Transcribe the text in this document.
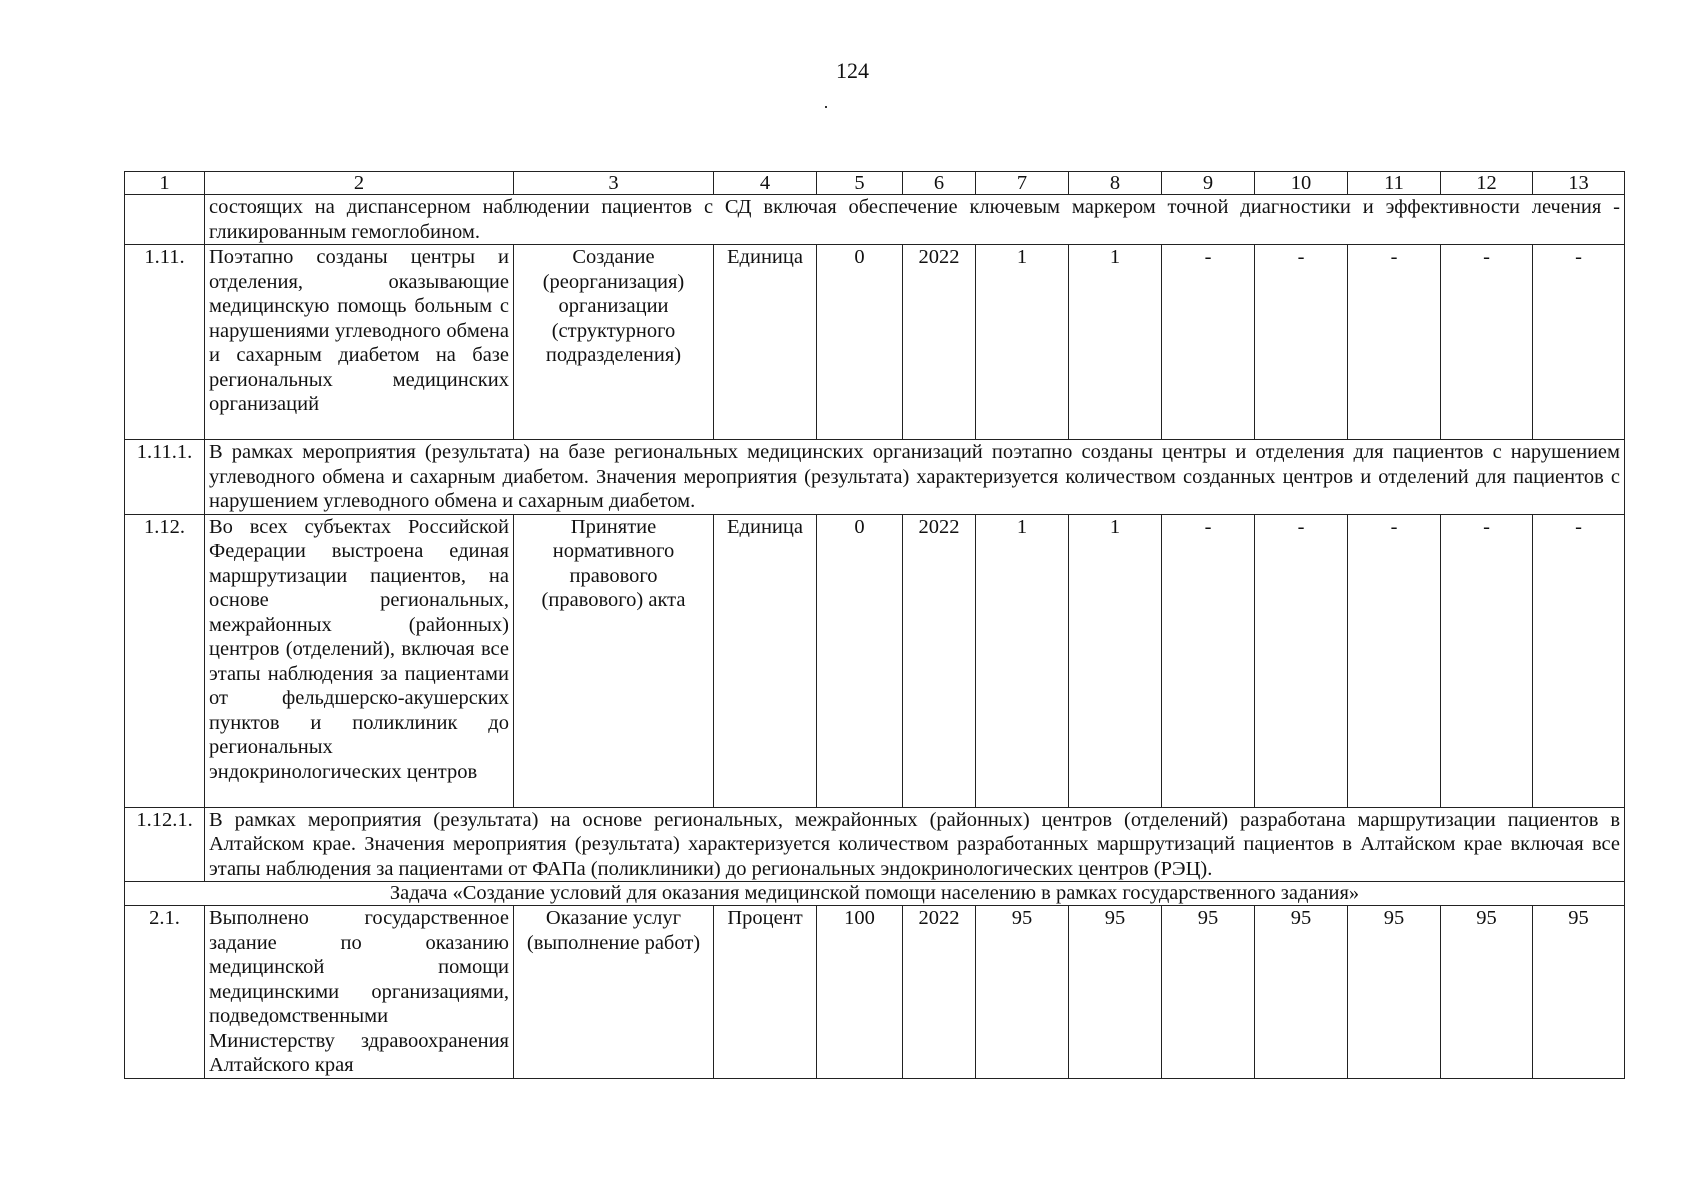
124
1	2	3	4	5	6	7	8	9	10	11	12	13
	состоящих на диспансерном наблюдении пациентов с СД включая обеспечение ключевым маркером точной диагностики и эффективности лечения - гликированным гемоглобином.											
1.11.	Поэтапно созданы центры и отделения, оказывающие медицинскую помощь больным с нарушениями углеводного обмена и сахарным диабетом на базе региональных медицинских организаций	Создание (реорганизация) организации (структурного подразделения)	Единица	0	2022	1	1	-	-	-	-	-
1.11.1.	В рамках мероприятия (результата) на базе региональных медицинских организаций поэтапно созданы центры и отделения для пациентов с нарушением углеводного обмена и сахарным диабетом. Значения мероприятия (результата) характеризуется количеством созданных центров и отделений для пациентов с нарушением углеводного обмена и сахарным диабетом.											
1.12.	Во всех субъектах Российской Федерации выстроена единая маршрутизации пациентов, на основе региональных, межрайонных (районных) центров (отделений), включая все этапы наблюдения за пациентами от фельдшерско-акушерских пунктов и поликлиник до региональных эндокринологических центров	Принятие нормативного правового (правового) акта	Единица	0	2022	1	1	-	-	-	-	-
1.12.1.	В рамках мероприятия (результата) на основе региональных, межрайонных (районных) центров (отделений) разработана маршрутизации пациентов в Алтайском крае. Значения мероприятия (результата) характеризуется количеством разработанных маршрутизаций пациентов в Алтайском крае включая все этапы наблюдения за пациентами от ФАПа (поликлиники) до региональных эндокринологических центров (РЭЦ).											
Задача «Создание условий для оказания медицинской помощи населению в рамках государственного задания»												
2.1.	Выполнено государственное задание по оказанию медицинской помощи медицинскими организациями, подведомственными Министерству здравоохранения Алтайского края	Оказание услуг (выполнение работ)	Процент	100	2022	95	95	95	95	95	95	95
